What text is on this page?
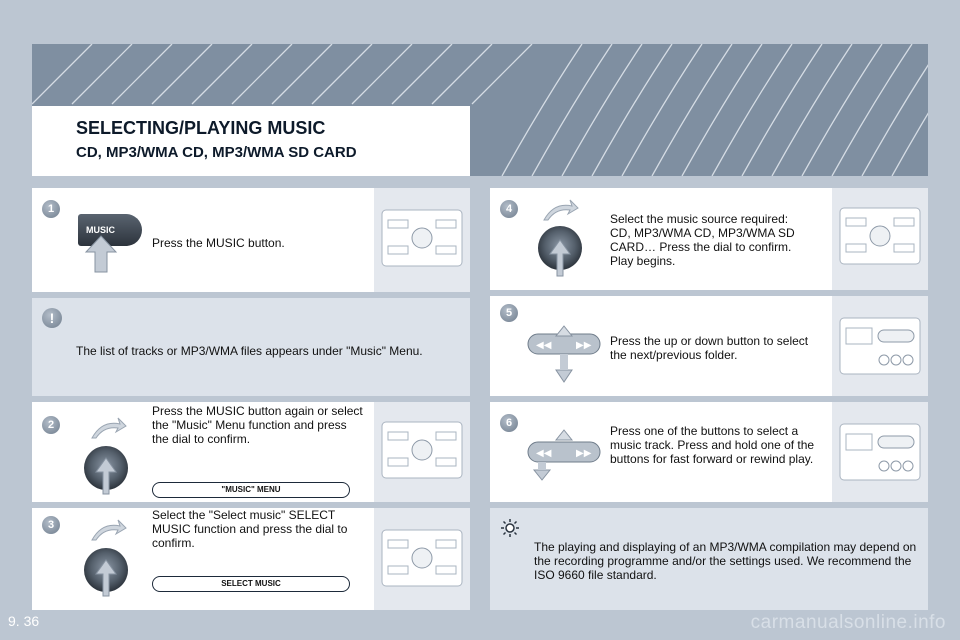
SELECTING/PLAYING MUSIC
CD, MP3/WMA CD, MP3/WMA SD CARD
1
MUSIC
Press the MUSIC button.
!
The list of tracks or MP3/WMA files appears under "Music" Menu.
2
Press the MUSIC button again or select the "Music" Menu function and press the dial to confirm.
"MUSIC" MENU
3
Select the "Select music" SELECT MUSIC function and press the dial to confirm.
SELECT MUSIC
4
Select the music source required: CD, MP3/WMA CD, MP3/WMA SD CARD… Press the dial to confirm. Play begins.
5
◀◀ ▶▶ Press the up or down button to select the next/previous folder.
6
◀◀ ▶▶
Press one of the buttons to select a music track. Press and hold one of the buttons for fast forward or rewind play.
The playing and displaying of an MP3/WMA compilation may depend on the recording programme and/or the settings used. We recommend the ISO 9660 file standard.
9. 36	carmanualsonline.info
